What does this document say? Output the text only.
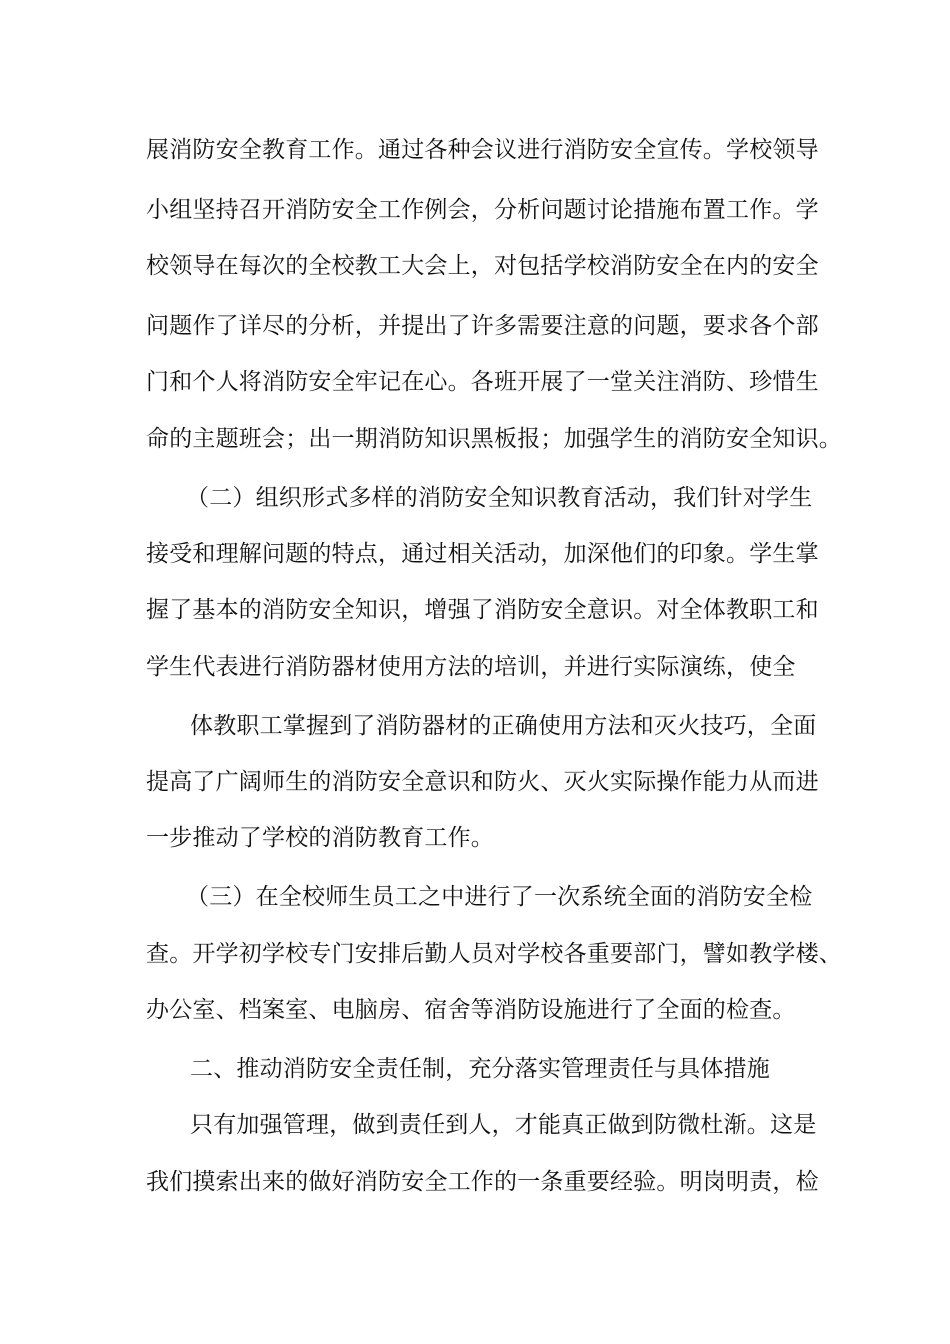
展消防安全教育工作。通过各种会议进行消防安全宣传。学校领导

小组坚持召开消防安全工作例会，分析问题讨论措施布置工作。学

校领导在每次的全校教工大会上，对包括学校消防安全在内的安全

问题作了详尽的分析，并提出了许多需要注意的问题，要求各个部

门和个人将消防安全牢记在心。各班开展了一堂关注消防、珍惜生

命的主题班会；出一期消防知识黑板报；加强学生的消防安全知识。

（二）组织形式多样的消防安全知识教育活动，我们针对学生

接受和理解问题的特点，通过相关活动，加深他们的印象。学生掌

握了基本的消防安全知识，增强了消防安全意识。对全体教职工和

学生代表进行消防器材使用方法的培训，并进行实际演练，使全

体教职工掌握到了消防器材的正确使用方法和灭火技巧，全面

提高了广阔师生的消防安全意识和防火、灭火实际操作能力从而进

一步推动了学校的消防教育工作。

（三）在全校师生员工之中进行了一次系统全面的消防安全检

查。开学初学校专门安排后勤人员对学校各重要部门，譬如教学楼、

办公室、档案室、电脑房、宿舍等消防设施进行了全面的检查。

二、推动消防安全责任制，充分落实管理责任与具体措施

只有加强管理，做到责任到人，才能真正做到防微杜渐。这是

我们摸索出来的做好消防安全工作的一条重要经验。明岗明责，检
